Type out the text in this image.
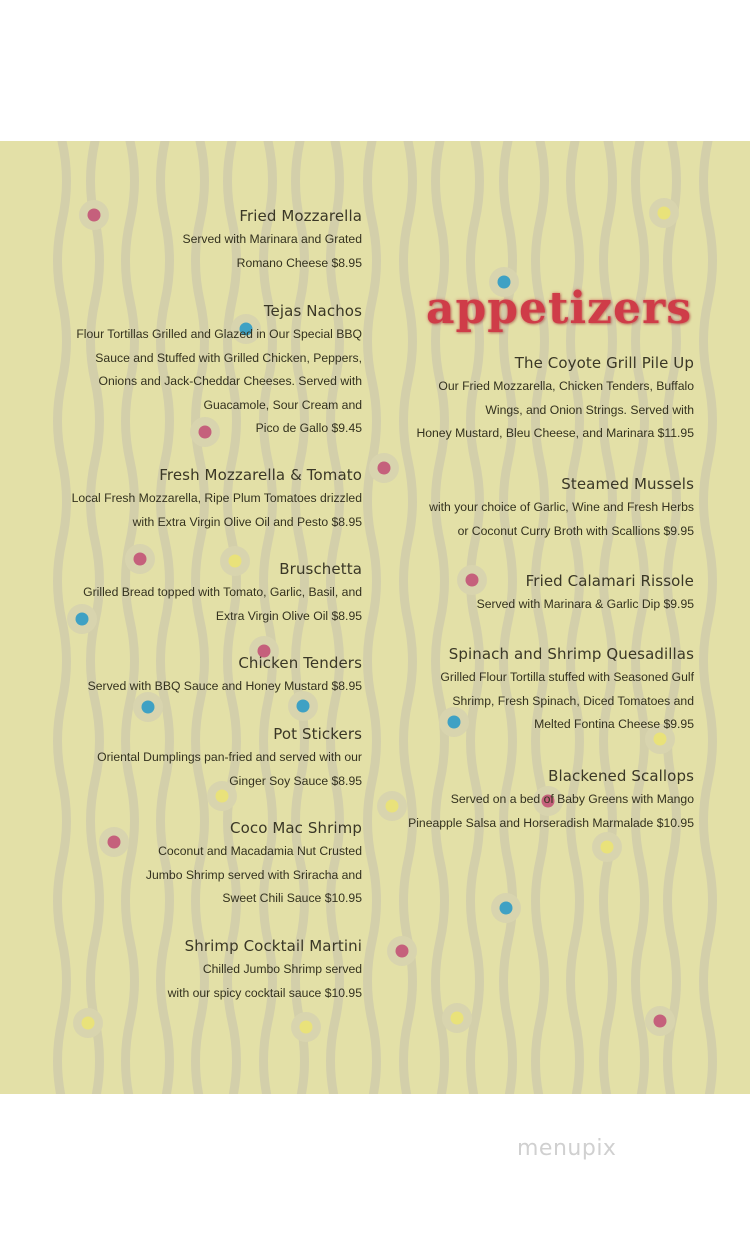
appetizers
Fried Mozzarella
Served with Marinara and Grated
Romano Cheese $8.95
Tejas Nachos
Flour Tortillas Grilled and Glazed in Our Special BBQ
Sauce and Stuffed with Grilled Chicken, Peppers,
Onions and Jack-Cheddar Cheeses. Served with
Guacamole, Sour Cream and
Pico de Gallo $9.45
Fresh Mozzarella & Tomato
Local Fresh Mozzarella, Ripe Plum Tomatoes drizzled
with Extra Virgin Olive Oil and Pesto $8.95
Bruschetta
Grilled Bread topped with Tomato, Garlic, Basil, and
Extra Virgin Olive Oil $8.95
Chicken Tenders
Served with BBQ Sauce and Honey Mustard $8.95
Pot Stickers
Oriental Dumplings pan-fried and served with our
Ginger Soy Sauce $8.95
Coco Mac Shrimp
Coconut and Macadamia Nut Crusted
Jumbo Shrimp served with Sriracha and
Sweet Chili Sauce $10.95
Shrimp Cocktail Martini
Chilled Jumbo Shrimp served
with our spicy cocktail sauce $10.95
The Coyote Grill Pile Up
Our Fried Mozzarella, Chicken Tenders, Buffalo
Wings, and Onion Strings. Served with
Honey Mustard, Bleu Cheese, and Marinara $11.95
Steamed Mussels
with your choice of Garlic, Wine and Fresh Herbs
or Coconut Curry Broth with Scallions $9.95
Fried Calamari Rissole
Served with Marinara & Garlic Dip $9.95
Spinach and Shrimp Quesadillas
Grilled Flour Tortilla stuffed with Seasoned Gulf
Shrimp, Fresh Spinach, Diced Tomatoes and
Melted Fontina Cheese $9.95
Blackened Scallops
Served on a bed of Baby Greens with Mango
Pineapple Salsa and Horseradish Marmalade $10.95
menupix
